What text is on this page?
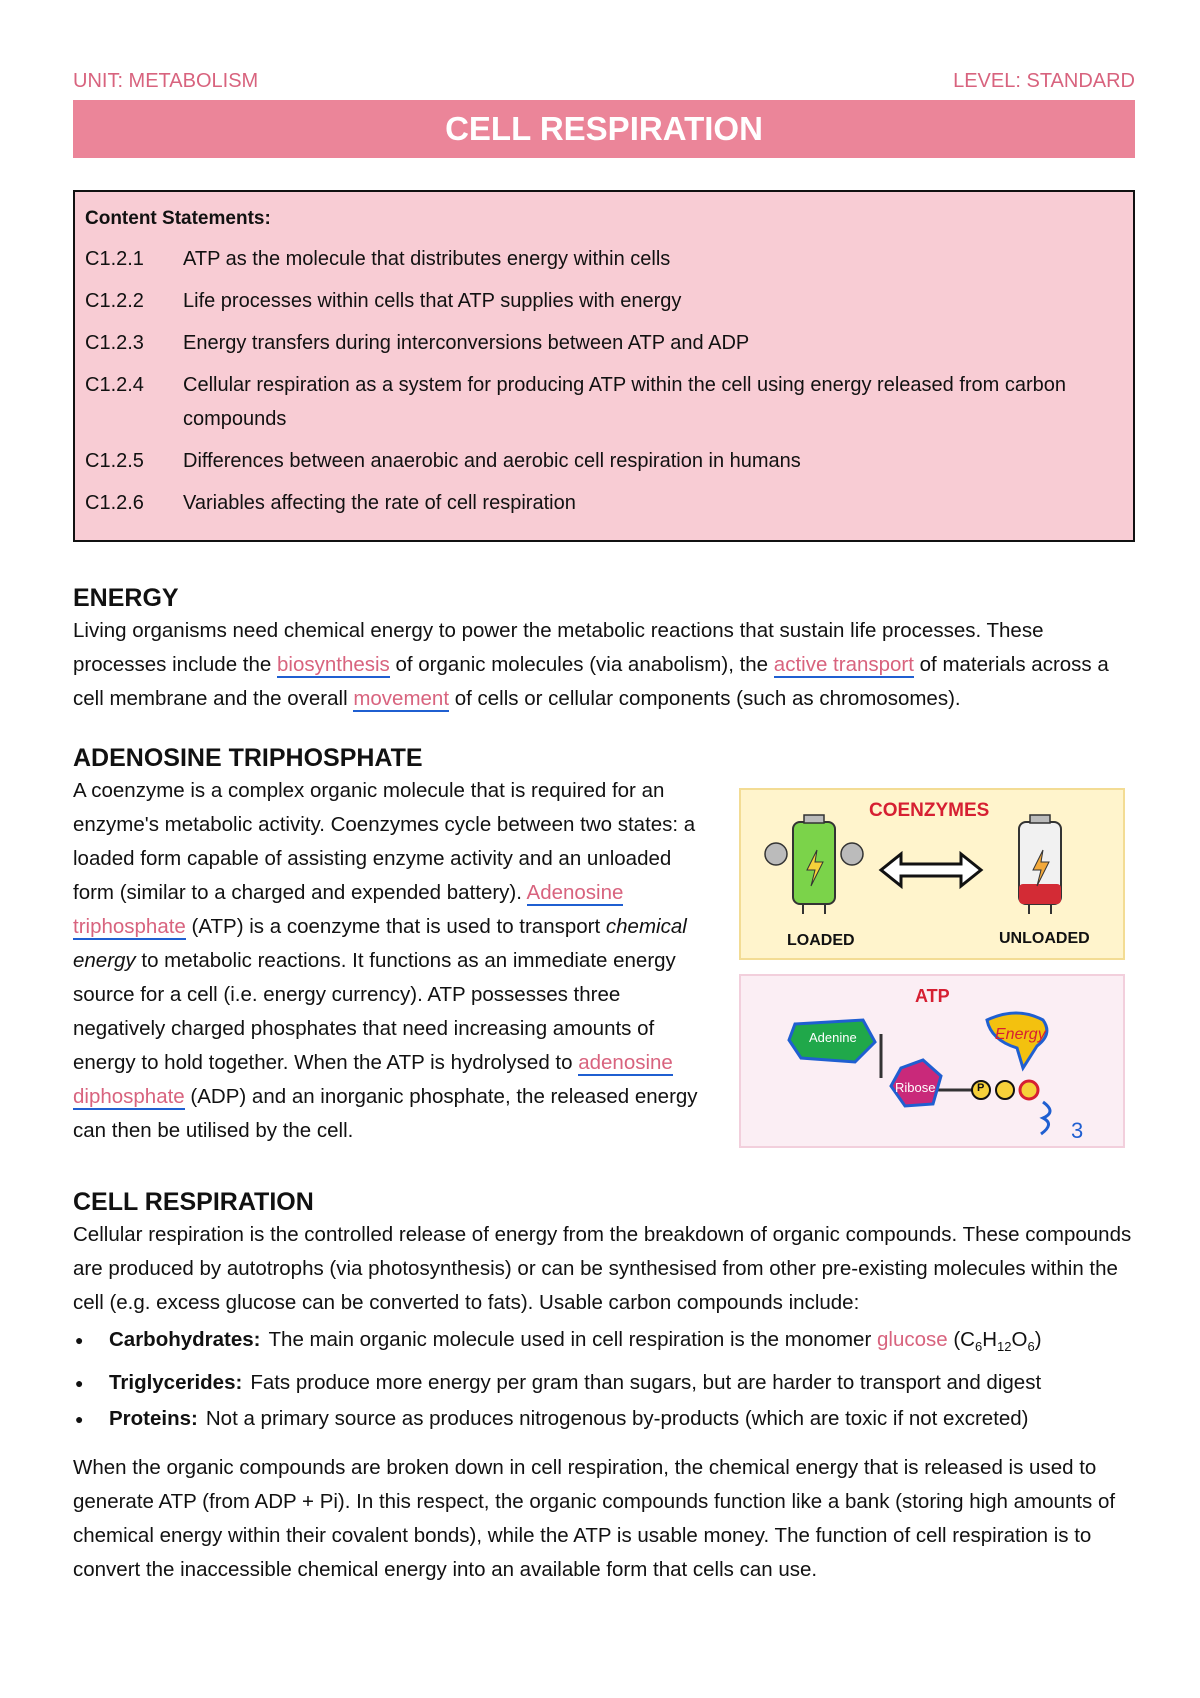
UNIT: METABOLISM	LEVEL: STANDARD
CELL RESPIRATION
Content Statements:
C1.2.1	ATP as the molecule that distributes energy within cells
C1.2.2	Life processes within cells that ATP supplies with energy
C1.2.3	Energy transfers during interconversions between ATP and ADP
C1.2.4	Cellular respiration as a system for producing ATP within the cell using energy released from carbon compounds
C1.2.5	Differences between anaerobic and aerobic cell respiration in humans
C1.2.6	Variables affecting the rate of cell respiration
ENERGY

Living organisms need chemical energy to power the metabolic reactions that sustain life processes. These processes include the biosynthesis of organic molecules (via anabolism), the active transport of materials across a cell membrane and the overall movement of cells or cellular components (such as chromosomes).

ADENOSINE TRIPHOSPHATE

A coenzyme is a complex organic molecule that is required for an enzyme's metabolic activity. Coenzymes cycle between two states: a loaded form capable of assisting enzyme activity and an unloaded form (similar to a charged and expended battery). Adenosine triphosphate (ATP) is a coenzyme that is used to transport chemical energy to metabolic reactions. It functions as an immediate energy source for a cell (i.e. energy currency). ATP possesses three negatively charged phosphates that need increasing amounts of energy to hold together. When the ATP is hydrolysed to adenosine diphosphate (ADP) and an inorganic phosphate, the released energy can then be utilised by the cell.

COENZYMES
LOADED	UNLOADED
ATP
Adenine
Ribose
Energy
P
3
CELL RESPIRATION

Cellular respiration is the controlled release of energy from the breakdown of organic compounds. These compounds are produced by autotrophs (via photosynthesis) or can be synthesised from other pre-existing molecules within the cell (e.g. excess glucose can be converted to fats). Usable carbon compounds include:

● Carbohydrates: The main organic molecule used in cell respiration is the monomer glucose $(C_6H_{12}O_6)$
● Triglycerides: Fats produce more energy per gram than sugars, but are harder to transport and digest
● Proteins: Not a primary source as produces nitrogenous by-products (which are toxic if not excreted)

When the organic compounds are broken down in cell respiration, the chemical energy that is released is used to generate ATP (from ADP + Pi). In this respect, the organic compounds function like a bank (storing high amounts of chemical energy within their covalent bonds), while the ATP is usable money. The function of cell respiration is to convert the inaccessible chemical energy into an available form that cells can use.
